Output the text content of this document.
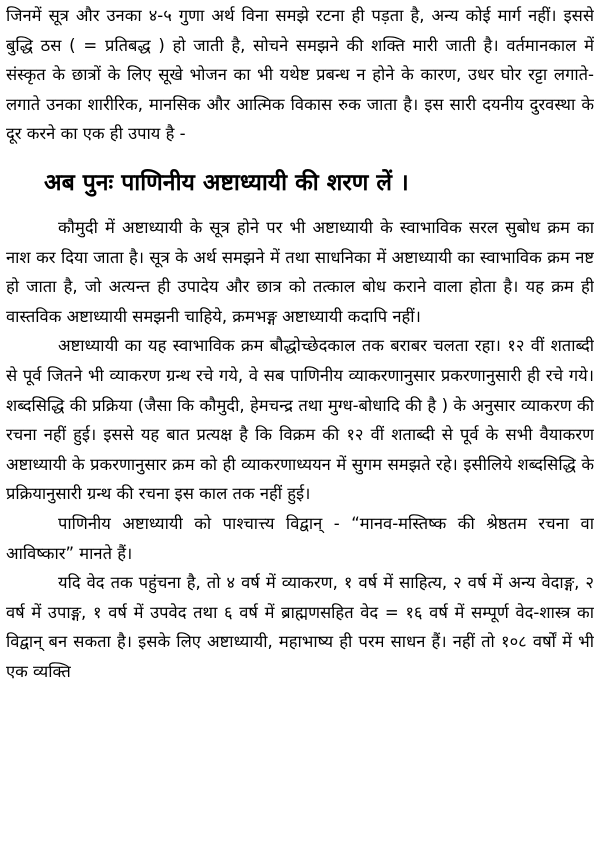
जिनमें सूत्र और उनका ४-५ गुणा अर्थ विना समझे रटना ही पड़ता है, अन्य कोई मार्ग नहीं। इससे बुद्धि ठस ( = प्रतिबद्ध ) हो जाती है, सोचने समझने की शक्ति मारी जाती है। वर्तमानकाल में संस्कृत के छात्रों के लिए सूखे भोजन का भी यथेष्ट प्रबन्ध न होने के कारण, उधर घोर रट्टा लगाते-लगाते उनका शारीरिक, मानसिक और आत्मिक विकास रुक जाता है। इस सारी दयनीय दुरवस्था के दूर करने का एक ही उपाय है -

अब पुनः पाणिनीय अष्टाध्यायी की शरण लें ।

कौमुदी में अष्टाध्यायी के सूत्र होने पर भी अष्टाध्यायी के स्वाभाविक सरल सुबोध क्रम का नाश कर दिया जाता है। सूत्र के अर्थ समझने में तथा साधनिका में अष्टाध्यायी का स्वाभाविक क्रम नष्ट हो जाता है, जो अत्यन्त ही उपादेय और छात्र को तत्काल बोध कराने वाला होता है। यह क्रम ही वास्तविक अष्टाध्यायी समझनी चाहिये, क्रमभङ्ग अष्टाध्यायी कदापि नहीं।

अष्टाध्यायी का यह स्वाभाविक क्रम बौद्धोच्छेदकाल तक बराबर चलता रहा। १२ वीं शताब्दी से पूर्व जितने भी व्याकरण ग्रन्थ रचे गये, वे सब पाणिनीय व्याकरणानुसार प्रकरणानुसारी ही रचे गये। शब्दसिद्धि की प्रक्रिया (जैसा कि कौमुदी, हेमचन्द्र तथा मुग्ध-बोधादि की है ) के अनुसार व्याकरण की रचना नहीं हुई। इससे यह बात प्रत्यक्ष है कि विक्रम की १२ वीं शताब्दी से पूर्व के सभी वैयाकरण अष्टाध्यायी के प्रकरणानुसार क्रम को ही व्याकरणाध्ययन में सुगम समझते रहे। इसीलिये शब्दसिद्धि के प्रक्रियानुसारी ग्रन्थ की रचना इस काल तक नहीं हुई।

पाणिनीय अष्टाध्यायी को पाश्चात्त्य विद्वान् - “मानव-मस्तिष्क की श्रेष्ठतम रचना वा आविष्कार” मानते हैं।

यदि वेद तक पहुंचना है, तो ४ वर्ष में व्याकरण, १ वर्ष में साहित्य, २ वर्ष में अन्य वेदाङ्ग, २ वर्ष में उपाङ्ग, १ वर्ष में उपवेद तथा ६ वर्ष में ब्राह्मणसहित वेद = १६ वर्ष में सम्पूर्ण वेद-शास्त्र का विद्वान् बन सकता है। इसके लिए अष्टाध्यायी, महाभाष्य ही परम साधन हैं। नहीं तो १०८ वर्षों में भी एक व्यक्ति
